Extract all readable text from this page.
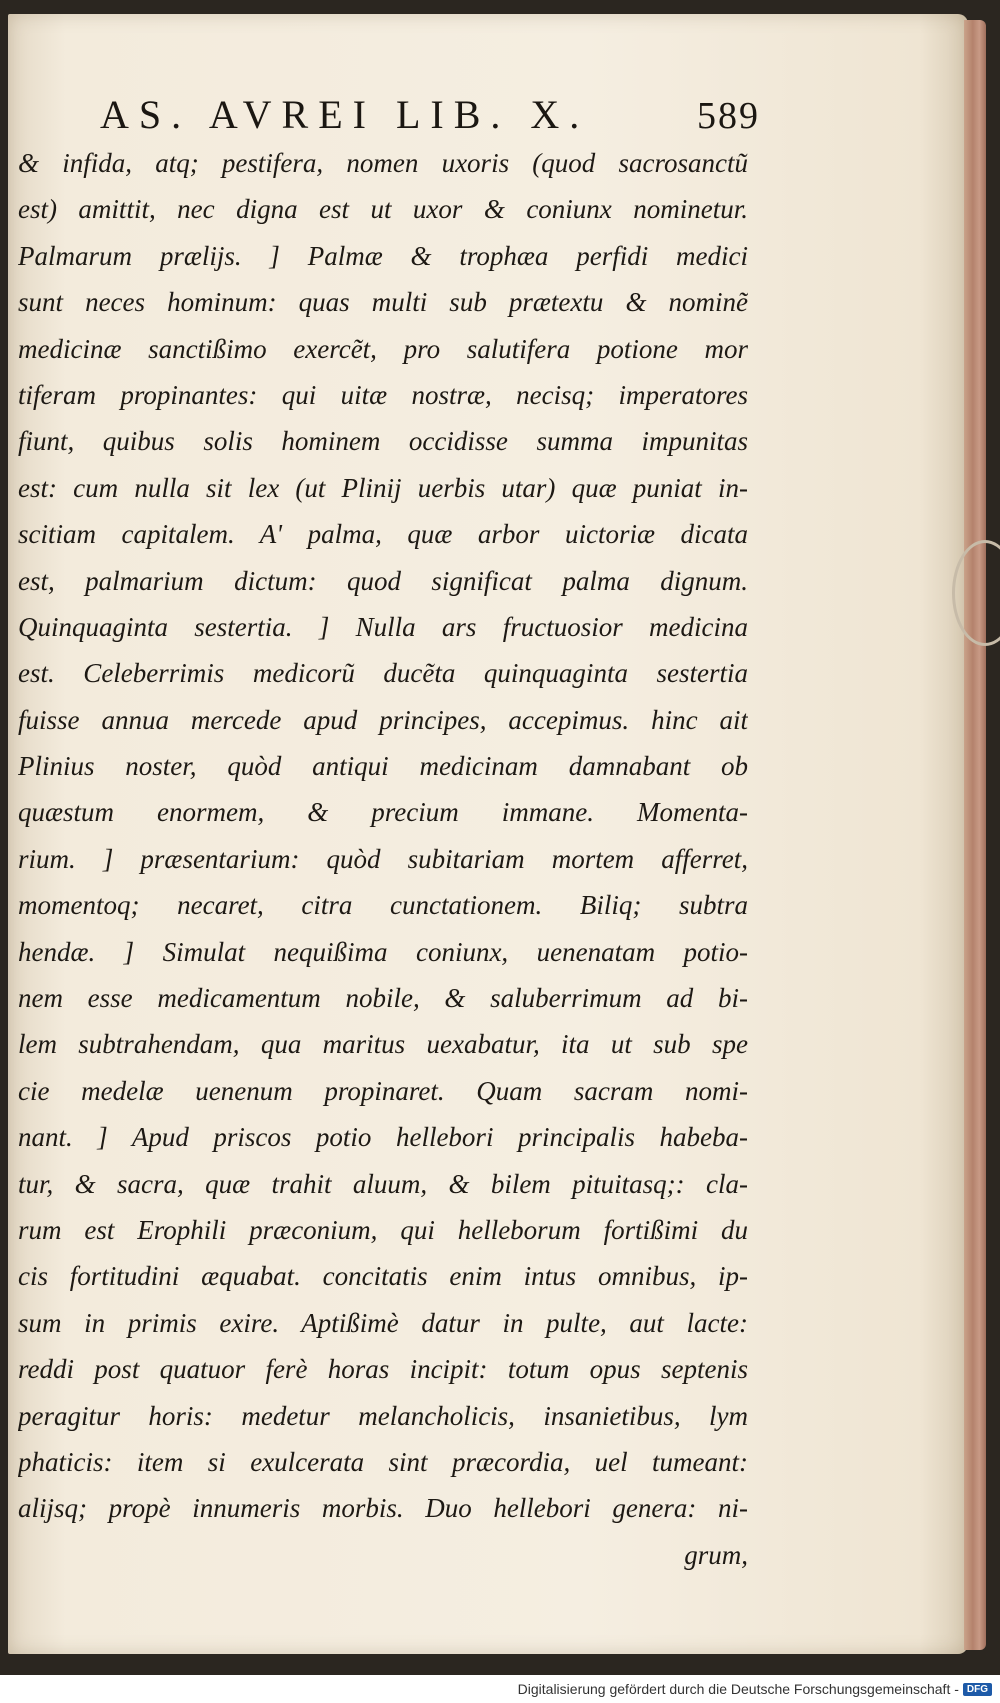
AS. AVREI LIB. X.	589
& infida, atq; pestifera, nomen uxoris (quod sacrosanctũ
est) amittit, nec digna est ut uxor & coniunx nominetur.
Palmarum prælijs. ] Palmæ & trophæa perfidi medici
sunt neces hominum: quas multi sub prætextu & nominẽ
medicinæ sanctißimo exercẽt, pro salutifera potione mor
tiferam propinantes: qui uitæ nostræ, necisq; imperatores
fiunt, quibus solis hominem occidisse summa impunitas
est: cum nulla sit lex (ut Plinij uerbis utar) quæ puniat in-
scitiam capitalem. A' palma, quæ arbor uictoriæ dicata
est, palmarium dictum: quod significat palma dignum.
Quinquaginta sestertia. ] Nulla ars fructuosior medicina
est. Celeberrimis medicorũ ducẽta quinquaginta sestertia
fuisse annua mercede apud principes, accepimus. hinc ait
Plinius noster, quòd antiqui medicinam damnabant ob
quæstum enormem, & precium immane. Momenta-
rium. ] præsentarium: quòd subitariam mortem afferret,
momentoq; necaret, citra cunctationem. Biliq; subtra
hendæ. ] Simulat nequißima coniunx, uenenatam potio-
nem esse medicamentum nobile, & saluberrimum ad bi-
lem subtrahendam, qua maritus uexabatur, ita ut sub spe
cie medelæ uenenum propinaret. Quam sacram nomi-
nant. ] Apud priscos potio hellebori principalis habeba-
tur, & sacra, quæ trahit aluum, & bilem pituitasq;: cla-
rum est Erophili præconium, qui helleborum fortißimi du
cis fortitudini æquabat. concitatis enim intus omnibus, ip-
sum in primis exire. Aptißimè datur in pulte, aut lacte:
reddi post quatuor ferè horas incipit: totum opus septenis
peragitur horis: medetur melancholicis, insanietibus, lym
phaticis: item si exulcerata sint præcordia, uel tumeant:
alijsq; propè innumeris morbis. Duo hellebori genera: ni-
grum,
Digitalisierung gefördert durch die Deutsche Forschungsgemeinschaft - DFG
